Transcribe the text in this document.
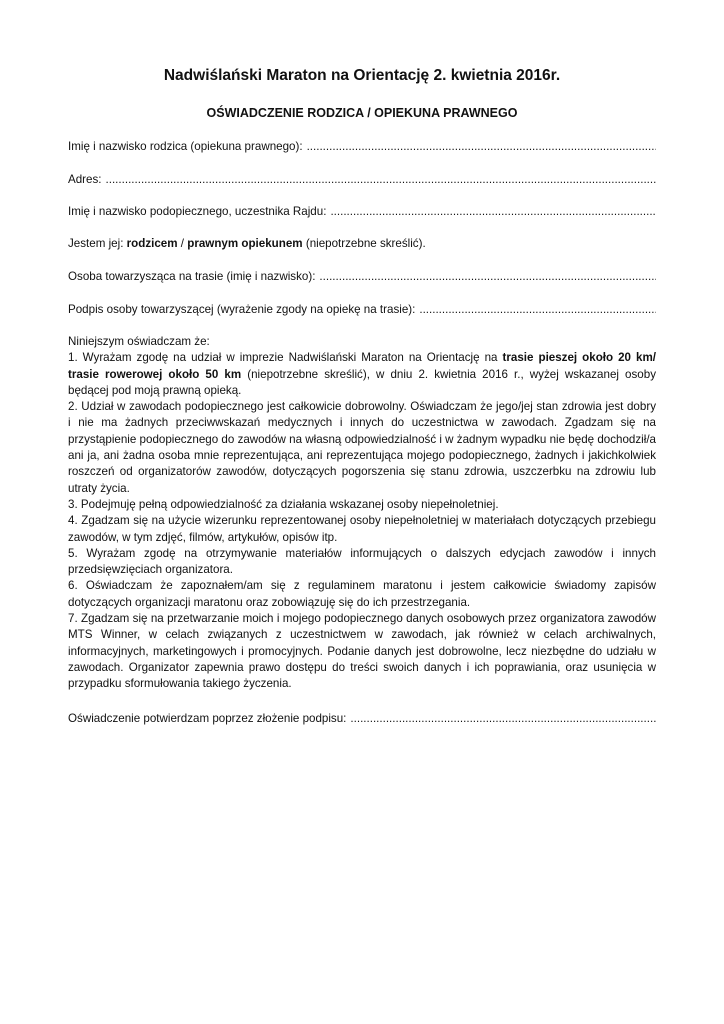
Nadwiślański Maraton na Orientację 2. kwietnia 2016r.
OŚWIADCZENIE RODZICA / OPIEKUNA PRAWNEGO
Imię i nazwisko rodzica (opiekuna prawnego):
.....
Adres:
.....
Imię i nazwisko podopiecznego, uczestnika Rajdu:
.....
Jestem jej: rodzicem / prawnym opiekunem (niepotrzebne skreślić).
Osoba towarzysząca na trasie (imię i nazwisko):
.....
Podpis osoby towarzyszącej (wyrażenie zgody na opiekę na trasie):
.....

Niniejszym oświadczam że:

1. Wyrażam zgodę na udział w imprezie Nadwiślański Maraton na Orientację na trasie pieszej około 20 km/ trasie rowerowej około 50 km (niepotrzebne skreślić), w dniu 2. kwietnia 2016 r., wyżej wskazanej osoby będącej pod moją prawną opieką.

2. Udział w zawodach podopiecznego jest całkowicie dobrowolny. Oświadczam że jego/jej stan zdrowia jest dobry i nie ma żadnych przeciwwskazań medycznych i innych do uczestnictwa w zawodach. Zgadzam się na przystąpienie podopiecznego do zawodów na własną odpowiedzialność i w żadnym wypadku nie będę dochodził/a ani ja, ani żadna osoba mnie reprezentująca, ani reprezentująca mojego podopiecznego, żadnych i jakichkolwiek roszczeń od organizatorów zawodów, dotyczących pogorszenia się stanu zdrowia, uszczerbku na zdrowiu lub utraty życia.

3. Podejmuję pełną odpowiedzialność za działania wskazanej osoby niepełnoletniej.

4. Zgadzam się na użycie wizerunku reprezentowanej osoby niepełnoletniej w materiałach dotyczących przebiegu zawodów, w tym zdjęć, filmów, artykułów, opisów itp.

5. Wyrażam zgodę na otrzymywanie materiałów informujących o dalszych edycjach zawodów i innych przedsięwzięciach organizatora.

6. Oświadczam że zapoznałem/am się z regulaminem maratonu i jestem całkowicie świadomy zapisów dotyczących organizacji maratonu oraz zobowiązuję się do ich przestrzegania.

7. Zgadzam się na przetwarzanie moich i mojego podopiecznego danych osobowych przez organizatora zawodów MTS Winner, w celach związanych z uczestnictwem w zawodach, jak również w celach archiwalnych, informacyjnych, marketingowych i promocyjnych. Podanie danych jest dobrowolne, lecz niezbędne do udziału w zawodach. Organizator zapewnia prawo dostępu do treści swoich danych i ich poprawiania, oraz usunięcia w przypadku sformułowania takiego życzenia.

Oświadczenie potwierdzam poprzez złożenie podpisu:
.....
